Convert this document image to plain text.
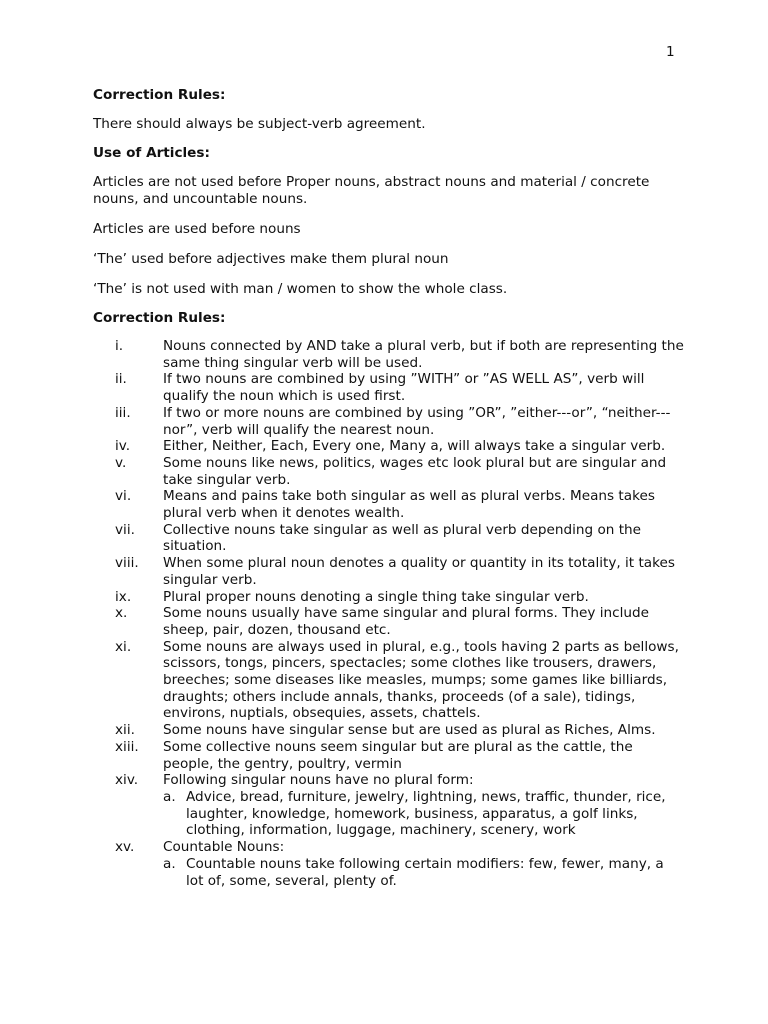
1
Correction Rules:

There should always be subject-verb agreement.

Use of Articles:

Articles are not used before Proper nouns, abstract nouns and material / concrete nouns, and uncountable nouns.

Articles are used before nouns

‘The’ used before adjectives make them plural noun

‘The’ is not used with man / women to show the whole class.

Correction Rules:
i.	Nouns connected by AND take a plural verb, but if both are representing the same thing singular verb will be used.
ii.	If two nouns are combined by using ”WITH” or ”AS WELL AS”, verb will qualify the noun which is used first.
iii. If two or more nouns are combined by using ”OR”, ”either---or”, “neither---nor”, verb will qualify the nearest noun.
iv. Either, Neither, Each, Every one, Many a, will always take a singular verb.
v.	Some nouns like news, politics, wages etc look plural but are singular and take singular verb.
vi. Means and pains take both singular as well as plural verbs. Means takes plural verb when it denotes wealth.
vii. Collective nouns take singular as well as plural verb depending on the situation.
viii. When some plural noun denotes a quality or quantity in its totality, it takes singular verb.
ix. Plural proper nouns denoting a single thing take singular verb.
x.	Some nouns usually have same singular and plural forms. They include sheep, pair, dozen, thousand etc.
xi. Some nouns are always used in plural, e.g., tools having 2 parts as bellows, scissors, tongs, pincers, spectacles; some clothes like trousers, drawers, breeches; some diseases like measles, mumps; some games like billiards, draughts; others include annals, thanks, proceeds (of a sale), tidings, environs, nuptials, obsequies, assets, chattels.
xii. Some nouns have singular sense but are used as plural as Riches, Alms.
xiii. Some collective nouns seem singular but are plural as the cattle, the people, the gentry, poultry, vermin
xiv. Following singular nouns have no plural form:
a. Advice, bread, furniture, jewelry, lightning, news, traffic, thunder, rice, laughter, knowledge, homework, business, apparatus, a golf links, clothing, information, luggage, machinery, scenery, work
xv. Countable Nouns:
a. Countable nouns take following certain modifiers: few, fewer, many, a lot of, some, several, plenty of.
